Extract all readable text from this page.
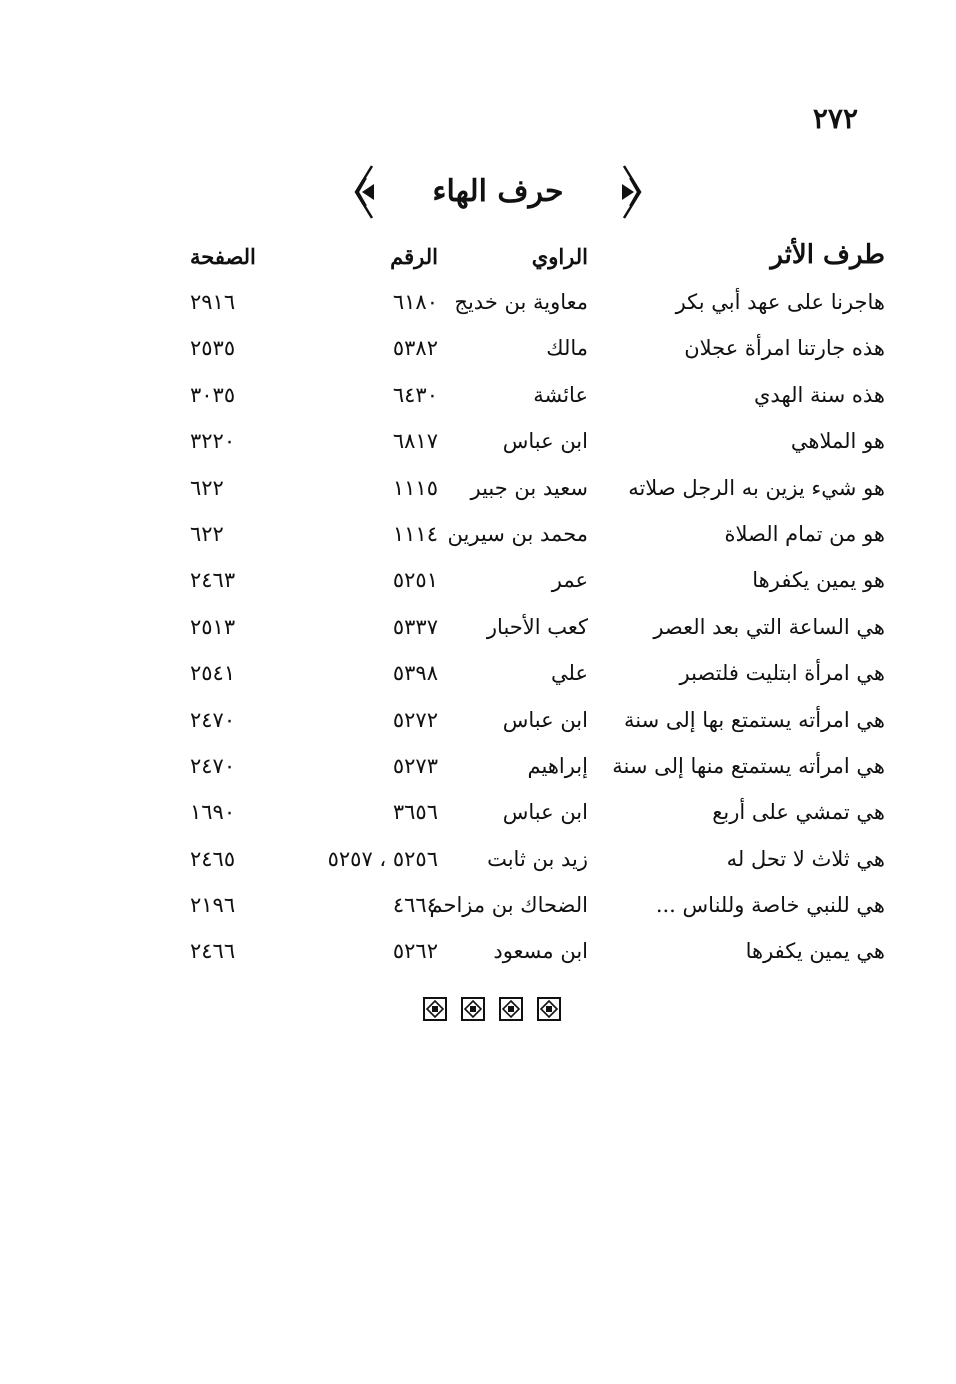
٢٧٢
حرف الهاء
طرف الأثر
الراوي
الرقم
الصفحة
هاجرنا على عهد أبي بكر
معاوية بن خديج
٦١٨٠
٢٩١٦
هذه جارتنا امرأة عجلان
مالك
٥٣٨٢
٢٥٣٥
هذه سنة الهدي
عائشة
٦٤٣٠
٣٠٣٥
هو الملاهي
ابن عباس
٦٨١٧
٣٢٢٠
هو شيء يزين به الرجل صلاته
سعيد بن جبير
١١١٥
٦٢٢
هو من تمام الصلاة
محمد بن سيرين
١١١٤
٦٢٢
هو يمين يكفرها
عمر
٥٢٥١
٢٤٦٣
هي الساعة التي بعد العصر
كعب الأحبار
٥٣٣٧
٢٥١٣
هي امرأة ابتليت فلتصبر
علي
٥٣٩٨
٢٥٤١
هي امرأته يستمتع بها إلى سنة
ابن عباس
٥٢٧٢
٢٤٧٠
هي امرأته يستمتع منها إلى سنة
إبراهيم
٥٢٧٣
٢٤٧٠
هي تمشي على أربع
ابن عباس
٣٦٥٦
١٦٩٠
هي ثلاث لا تحل له
زيد بن ثابت
٥٢٥٦ ، ٥٢٥٧
٢٤٦٥
هي للنبي خاصة وللناس ...
الضحاك بن مزاحم
٤٦٦٤
٢١٩٦
هي يمين يكفرها
ابن مسعود
٥٢٦٢
٢٤٦٦
